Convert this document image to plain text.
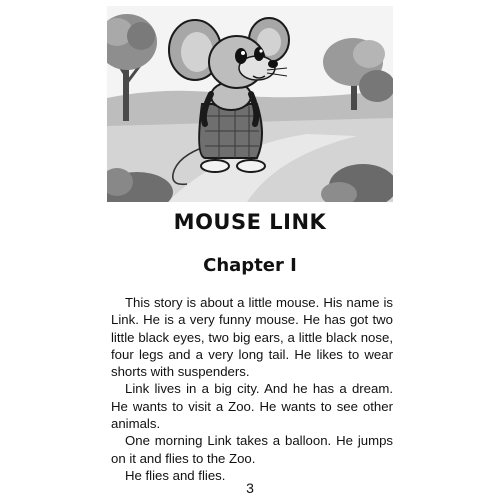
MOUSE LINK
Chapter I

This story is about a little mouse. His name is Link. He is a very funny mouse. He has got two little black eyes, two big ears, a little black nose, four legs and a very long tail. He likes to wear shorts with suspenders.

Link lives in a big city. And he has a dream. He wants to visit a Zoo. He wants to see other animals.

One morning Link takes a balloon. He jumps on it and flies to the Zoo.

He flies and flies.

3
